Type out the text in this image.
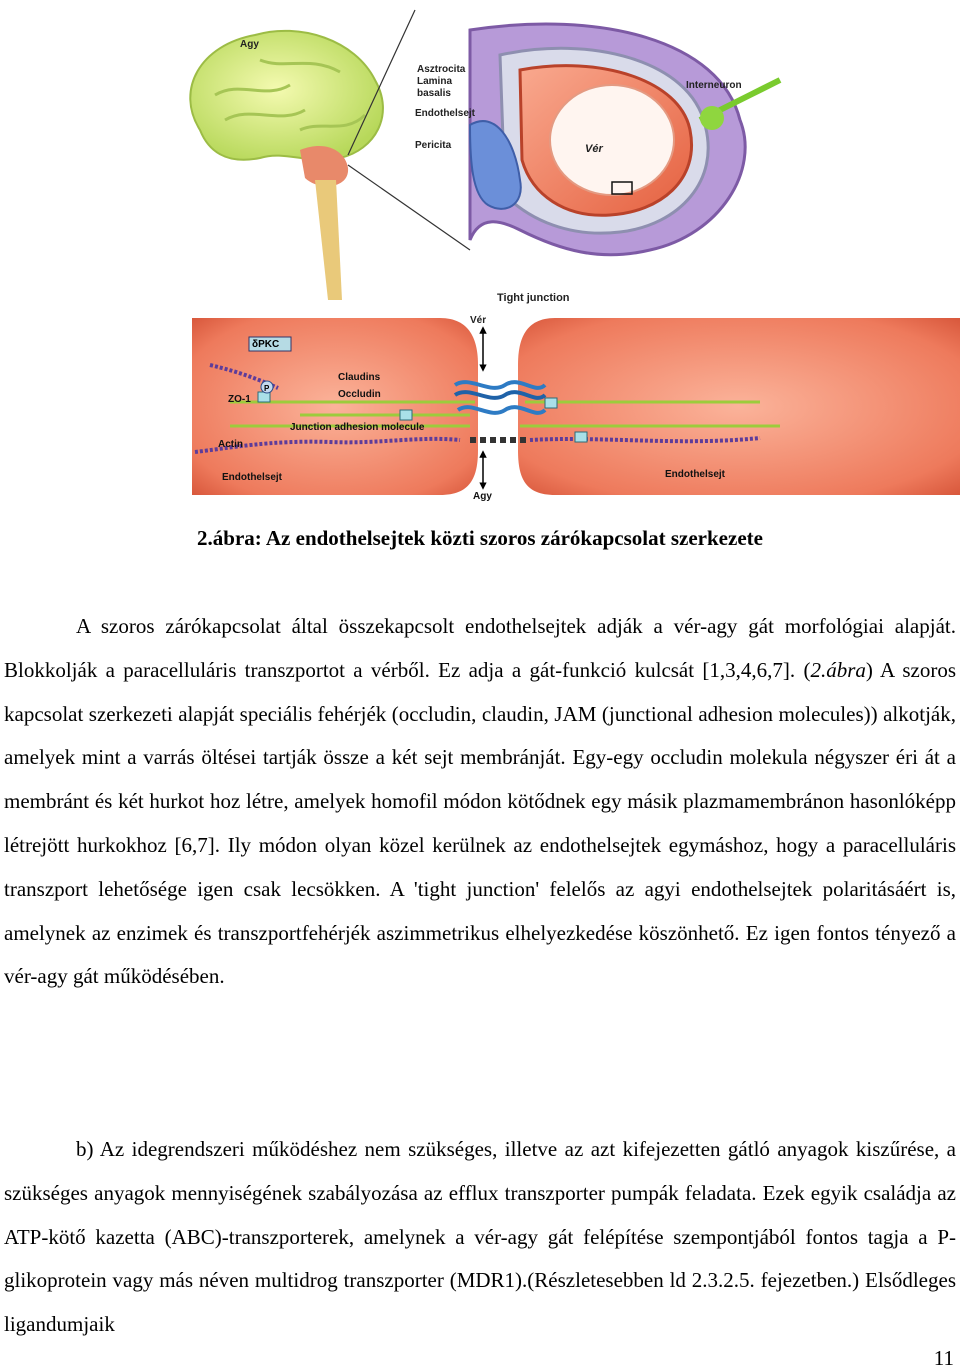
Agy
Asztrocita
Lamina
basalis
Endothelsejt
Pericita
Interneuron
Vér
Tight junction
Vér
δPKC
P
ZO-1
Claudins
Occludin
Junction adhesion molecule
Actin
Endothelsejt	Endothelsejt
Agy
2.ábra: Az endothelsejtek közti szoros zárókapcsolat szerkezete

A szoros zárókapcsolat által összekapcsolt endothelsejtek adják a vér-agy gát morfológiai alapját. Blokkolják a paracelluláris transzportot a vérből. Ez adja a gát-funkció kulcsát [1,3,4,6,7]. (2.ábra) A szoros kapcsolat szerkezeti alapját speciális fehérjék (occludin, claudin, JAM (junctional adhesion molecules)) alkotják, amelyek mint a varrás öltései tartják össze a két sejt membránját. Egy-egy occludin molekula négyszer éri át a membránt és két hurkot hoz létre, amelyek homofil módon kötődnek egy másik plazmamembránon hasonlóképp létrejött hurkokhoz [6,7]. Ily módon olyan közel kerülnek az endothelsejtek egymáshoz, hogy a paracelluláris transzport lehetősége igen csak lecsökken. A 'tight junction' felelős az agyi endothelsejtek polaritásáért is, amelynek az enzimek és transzportfehérjék aszimmetrikus elhelyezkedése köszönhető. Ez igen fontos tényező a vér-agy gát működésében.

b) Az idegrendszeri működéshez nem szükséges, illetve az azt kifejezetten gátló anyagok kiszűrése, a szükséges anyagok mennyiségének szabályozása az efflux transzporter pumpák feladata. Ezek egyik családja az ATP-kötő kazetta (ABC)-transzporterek, amelynek a vér-agy gát felépítése szempontjából fontos tagja a P-glikoprotein vagy más néven multidrog transzporter (MDR1).(Részletesebben ld 2.3.2.5. fejezetben.) Elsődleges ligandumjaik

11
